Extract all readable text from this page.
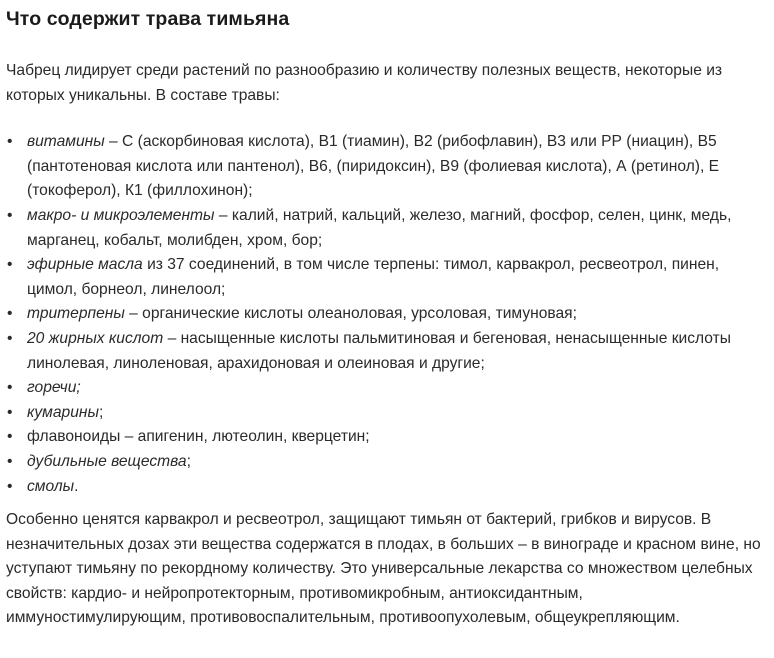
Что содержит трава тимьяна

Чабрец лидирует среди растений по разнообразию и количеству полезных веществ, некоторые из которых уникальны. В составе травы:

• витамины – С (аскорбиновая кислота), В1 (тиамин), В2 (рибофлавин), В3 или РР (ниацин), В5 (пантотеновая кислота или пантенол), В6, (пиридоксин), В9 (фолиевая кислота), А (ретинол), Е (токоферол), К1 (филлохинон);
• макро- и микроэлементы – калий, натрий, кальций, железо, магний, фосфор, селен, цинк, медь, марганец, кобальт, молибден, хром, бор;
• эфирные масла из 37 соединений, в том числе терпены: тимол, карвакрол, ресвеoтрол, пинен, цимол, борнеол, линелоол;
• тритерпены – органические кислоты олеаноловая, урсоловая, тимуновая;
• 20 жирных кислот – насыщенные кислоты пальмитиновая и бегеновая, ненасыщенные кислоты линолевая, линоленовая, арахидоновая и олеиновая и другие;
• горечи;
• кумарины;
• флавоноиды – апигенин, лютеолин, кверцетин;
• дубильные вещества;
• смолы.

Особенно ценятся карвакрол и ресвеoтрол, защищают тимьян от бактерий, грибков и вирусов. В незначительных дозах эти вещества содержатся в плодах, в больших – в винограде и красном вине, но уступают тимьяну по рекордному количеству. Это универсальные лекарства со множеством целебных свойств: кардио- и нейропротекторным, противомикробным, антиоксидантным, иммуностимулирующим, противовоспалительным, противоопухолевым, общеукрепляющим.
